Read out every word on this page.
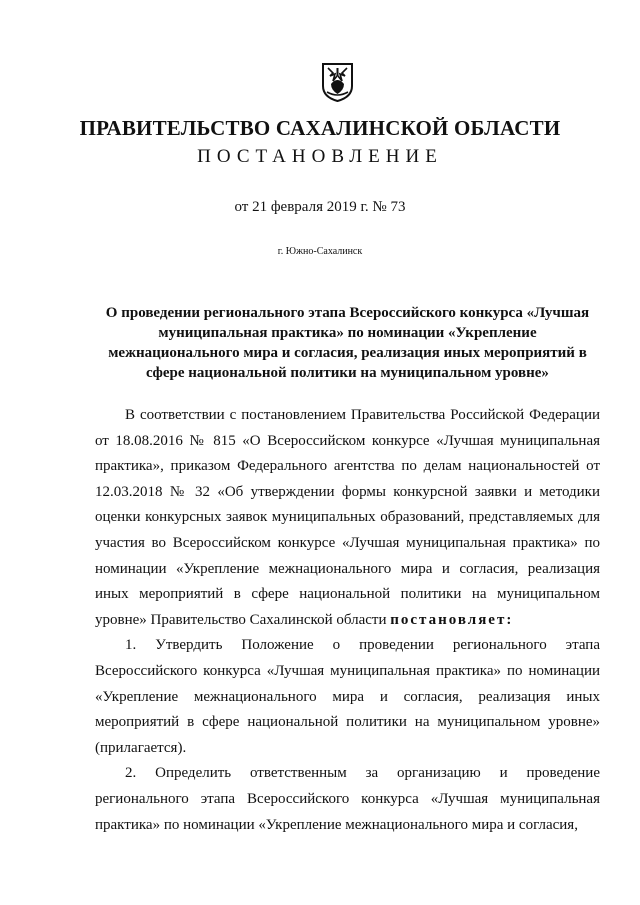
ПРАВИТЕЛЬСТВО САХАЛИНСКОЙ ОБЛАСТИ
ПОСТАНОВЛЕНИЕ
от 21 февраля 2019 г. № 73
г. Южно-Сахалинск
О проведении регионального этапа Всероссийского конкурса «Лучшая муниципальная практика» по номинации «Укрепление межнационального мира и согласия, реализация иных мероприятий в сфере национальной политики на муниципальном уровне»

В соответствии с постановлением Правительства Российской Федерации от 18.08.2016 № 815 «О Всероссийском конкурсе «Лучшая муниципальная практика», приказом Федерального агентства по делам национальностей от 12.03.2018 № 32 «Об утверждении формы конкурсной заявки и методики оценки конкурсных заявок муниципальных образований, представляемых для участия во Всероссийском конкурсе «Лучшая муниципальная практика» по номинации «Укрепление межнационального мира и согласия, реализация иных мероприятий в сфере национальной политики на муниципальном уровне» Правительство Сахалинской области постановляет:

1. Утвердить Положение о проведении регионального этапа Всероссийского конкурса «Лучшая муниципальная практика» по номинации «Укрепление межнационального мира и согласия, реализация иных мероприятий в сфере национальной политики на муниципальном уровне» (прилагается).

2. Определить ответственным за организацию и проведение регионального этапа Всероссийского конкурса «Лучшая муниципальная практика» по номинации «Укрепление межнационального мира и согласия,
